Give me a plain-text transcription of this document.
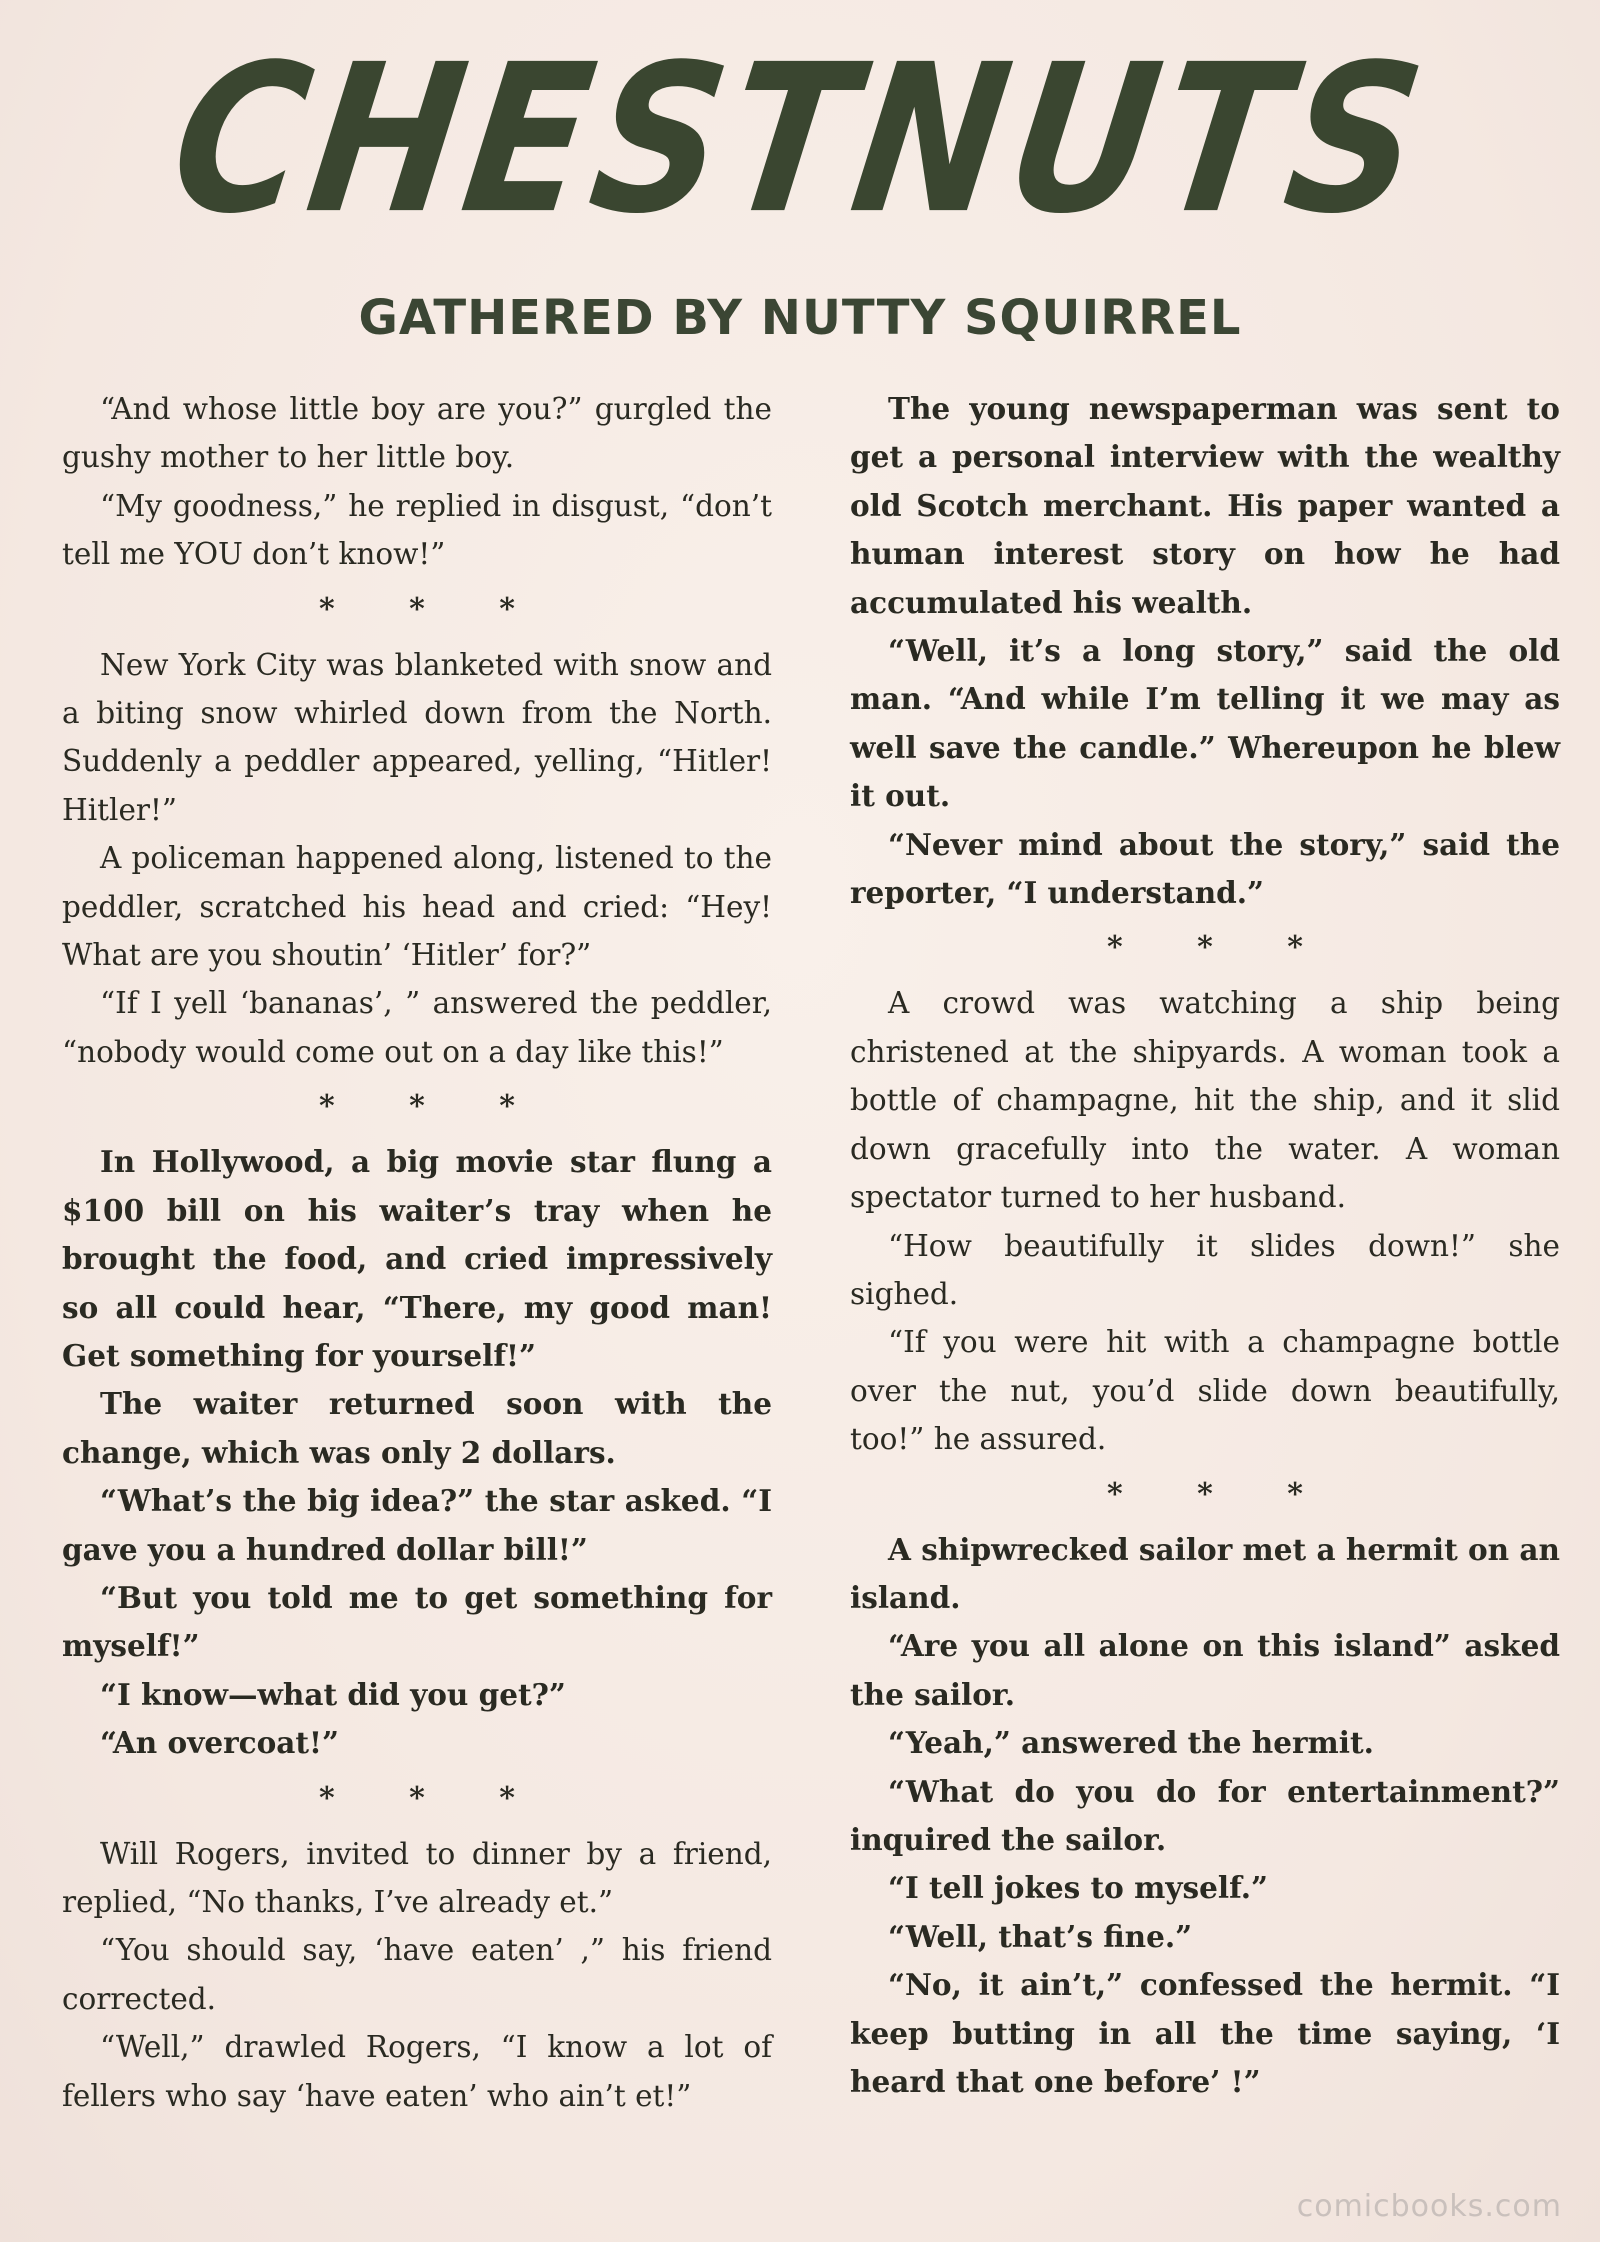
CHESTNUTS
GATHERED BY NUTTY SQUIRREL

“And whose little boy are you?” gurgled the gushy mother to her little boy.

“My goodness,” he replied in disgust, “don’t tell me YOU don’t know!”

* * *

New York City was blanketed with snow and a biting snow whirled down from the North. Suddenly a peddler appeared, yelling, “Hitler! Hitler!”

A policeman happened along, listened to the peddler, scratched his head and cried: “Hey! What are you shoutin’ ‘Hitler’ for?”

“If I yell ‘bananas’, ” answered the peddler, “nobody would come out on a day like this!”

* * *

In Hollywood, a big movie star flung a $100 bill on his waiter’s tray when he brought the food, and cried impressively so all could hear, “There, my good man! Get something for yourself!”

The waiter returned soon with the change, which was only 2 dollars.

“What’s the big idea?” the star asked. “I gave you a hundred dollar bill!”

“But you told me to get something for myself!”

“I know—what did you get?”

“An overcoat!”

* * *

Will Rogers, invited to dinner by a friend, replied, “No thanks, I’ve already et.”

“You should say, ‘have eaten’ ,” his friend corrected.

“Well,” drawled Rogers, “I know a lot of fellers who say ‘have eaten’ who ain’t et!”

The young newspaperman was sent to get a personal interview with the wealthy old Scotch merchant. His paper wanted a human interest story on how he had accumulated his wealth.

“Well, it’s a long story,” said the old man. “And while I’m telling it we may as well save the candle.” Whereupon he blew it out.

“Never mind about the story,” said the reporter, “I understand.”

* * *

A crowd was watching a ship being christened at the shipyards. A woman took a bottle of champagne, hit the ship, and it slid down gracefully into the water. A woman spectator turned to her husband.

“How beautifully it slides down!” she sighed.

“If you were hit with a champagne bottle over the nut, you’d slide down beautifully, too!” he assured.

* * *

A shipwrecked sailor met a hermit on an island.

“Are you all alone on this island” asked the sailor.

“Yeah,” answered the hermit.

“What do you do for entertainment?” inquired the sailor.

“I tell jokes to myself.”

“Well, that’s fine.”

“No, it ain’t,” confessed the hermit. “I keep butting in all the time saying, ‘I heard that one before’ !”

comicbooks.com
